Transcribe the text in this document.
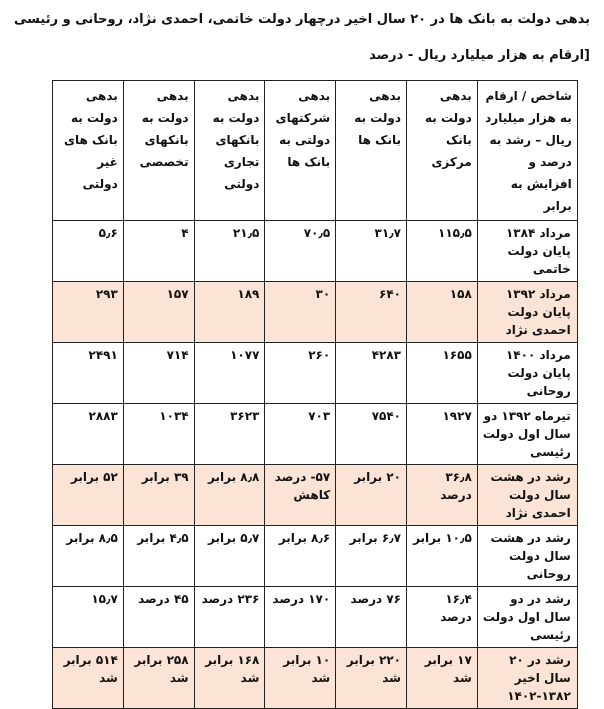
بدهی دولت به بانک ها در ۲۰ سال اخیر درچهار دولت خاتمی، احمدی نژاد، روحانی و رئیسی
[ارقام به هزار میلیارد ریال - درصد
شاخص / ارقام به هزار میلیارد ریال – رشد به درصد و افزایش به برابر	بدهی دولت به بانک مرکزی	بدهی دولت به بانک ها	بدهی شرکتهای دولتی به بانک ها	بدهی دولت به بانکهای تجاری دولتی	بدهی دولت به بانکهای تخصصی	بدهی دولت به بانک های غیر دولتی
مرداد ۱۳۸۴ پایان دولت خاتمی	۱۱۵٫۵	۳۱٫۷	۷۰٫۵	۲۱٫۵	۴	۵٫۶
مرداد ۱۳۹۲ پایان دولت احمدی نژاد	۱۵۸	۶۴۰	۳۰	۱۸۹	۱۵۷	۲۹۳
مرداد ۱۴۰۰ پایان دولت روحانی	۱۶۵۵	۴۲۸۳	۲۶۰	۱۰۷۷	۷۱۴	۲۴۹۱
تیرماه ۱۳۹۲ دو سال اول دولت رئیسی	۱۹۲۷	۷۵۴۰	۷۰۳	۳۶۲۳	۱۰۳۴	۲۸۸۳
رشد در هشت سال دولت احمدی نژاد	۳۶٫۸ درصد	۲۰ برابر	۵۷- درصد کاهش	۸٫۸ برابر	۳۹ برابر	۵۲ برابر
رشد در هشت سال دولت روحانی	۱۰٫۵ برابر	۶٫۷ برابر	۸٫۶ برابر	۵٫۷ برابر	۴٫۵ برابر	۸٫۵ برابر
رشد در دو سال اول دولت رئیسی	۱۶٫۴ درصد	۷۶ درصد	۱۷۰ درصد	۲۳۶ درصد	۴۵ درصد	۱۵٫۷
رشد در ۲۰ سال اخیر ۱۳۸۲-۱۴۰۲	۱۷ برابر شد	۲۲۰ برابر شد	۱۰ برابر شد	۱۶۸ برابر شد	۲۵۸ برابر شد	۵۱۴ برابر شد
